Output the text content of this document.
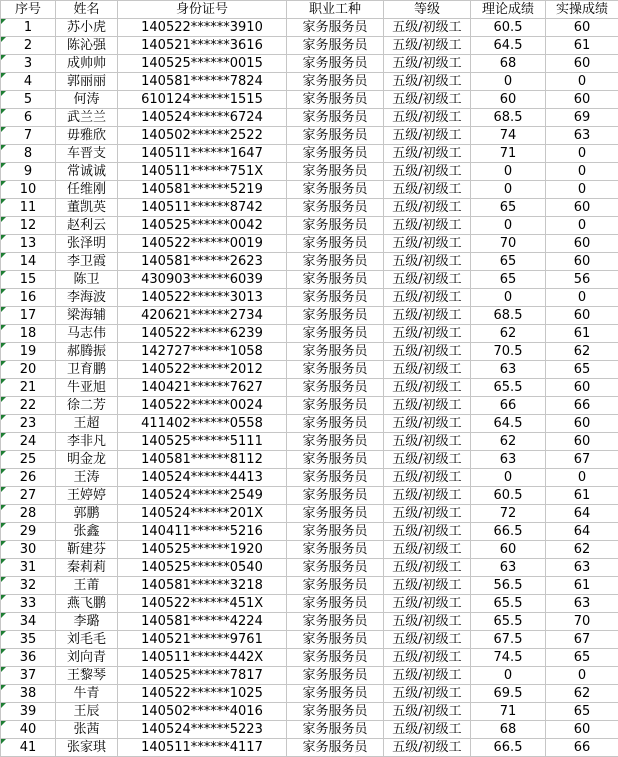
序号	姓名	身份证号	职业工种	等级	理论成绩	实操成绩

1	苏小虎	140522******3910	家务服务员	五级/初级工	60.5	60

2	陈沁强	140521******3616	家务服务员	五级/初级工	64.5	61

3	成帅帅	140525******0015	家务服务员	五级/初级工	68	60

4	郭丽丽	140581******7824	家务服务员	五级/初级工	0	0

5	何涛	610124******1515	家务服务员	五级/初级工	60	60

6	武兰兰	140524******6724	家务服务员	五级/初级工	68.5	69

7	毋雅欣	140502******2522	家务服务员	五级/初级工	74	63

8	车晋支	140511******1647	家务服务员	五级/初级工	71	0

9	常诚诚	140511******751X	家务服务员	五级/初级工	0	0

10	任维刚	140581******5219	家务服务员	五级/初级工	0	0

11	董凯英	140511******8742	家务服务员	五级/初级工	65	60

12	赵利云	140525******0042	家务服务员	五级/初级工	0	0

13	张泽明	140522******0019	家务服务员	五级/初级工	70	60

14	李卫霞	140581******2623	家务服务员	五级/初级工	65	60

15	陈卫	430903******6039	家务服务员	五级/初级工	65	56

16	李海波	140522******3013	家务服务员	五级/初级工	0	0

17	梁海辅	420621******2734	家务服务员	五级/初级工	68.5	60

18	马志伟	140522******6239	家务服务员	五级/初级工	62	61

19	郝腾振	142727******1058	家务服务员	五级/初级工	70.5	62

20	卫育鹏	140522******2012	家务服务员	五级/初级工	63	65

21	牛亚旭	140421******7627	家务服务员	五级/初级工	65.5	60

22	徐二芳	140522******0024	家务服务员	五级/初级工	66	66

23	王超	411402******0558	家务服务员	五级/初级工	64.5	60

24	李非凡	140525******5111	家务服务员	五级/初级工	62	60

25	明金龙	140581******8112	家务服务员	五级/初级工	63	67

26	王涛	140524******4413	家务服务员	五级/初级工	0	0

27	王婷婷	140524******2549	家务服务员	五级/初级工	60.5	61

28	郭鹏	140524******201X	家务服务员	五级/初级工	72	64

29	张鑫	140411******5216	家务服务员	五级/初级工	66.5	64

30	靳建芬	140525******1920	家务服务员	五级/初级工	60	62

31	秦莉莉	140525******0540	家务服务员	五级/初级工	63	63

32	王莆	140581******3218	家务服务员	五级/初级工	56.5	61

33	燕飞鹏	140522******451X	家务服务员	五级/初级工	65.5	63

34	李璐	140581******4224	家务服务员	五级/初级工	65.5	70

35	刘毛毛	140521******9761	家务服务员	五级/初级工	67.5	67

36	刘向青	140511******442X	家务服务员	五级/初级工	74.5	65

37	王黎琴	140525******7817	家务服务员	五级/初级工	0	0

38	牛青	140522******1025	家务服务员	五级/初级工	69.5	62

39	王辰	140502******4016	家务服务员	五级/初级工	71	65

40	张茜	140524******5223	家务服务员	五级/初级工	68	60

41	张家琪	140511******4117	家务服务员	五级/初级工	66.5	66
